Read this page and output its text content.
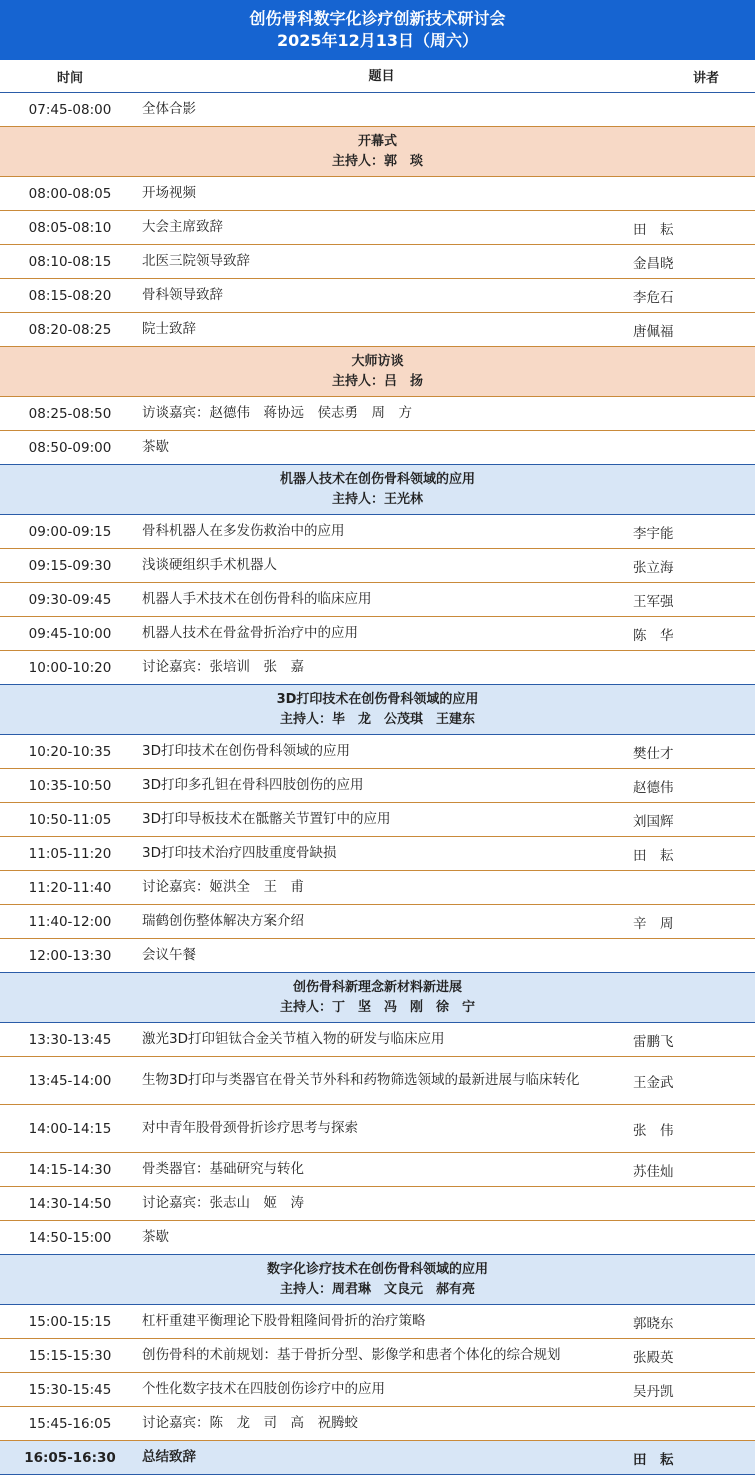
创伤骨科数字化诊疗创新技术研讨会
2025年12月13日（周六）
时间	题目	讲者
07:45-08:00	全体合影
开幕式
主持人：郭　琰
08:00-08:05	开场视频
08:05-08:10	大会主席致辞	田　耘
08:10-08:15	北医三院领导致辞	金昌晓
08:15-08:20	骨科领导致辞	李危石
08:20-08:25	院士致辞	唐佩福
大师访谈
主持人：吕　扬
08:25-08:50	访谈嘉宾：赵德伟　蒋协远　侯志勇　周　方
08:50-09:00	茶歇
机器人技术在创伤骨科领域的应用
主持人：王光林
09:00-09:15	骨科机器人在多发伤救治中的应用	李宇能
09:15-09:30	浅谈硬组织手术机器人	张立海
09:30-09:45	机器人手术技术在创伤骨科的临床应用	王军强
09:45-10:00	机器人技术在骨盆骨折治疗中的应用	陈　华
10:00-10:20	讨论嘉宾：张培训　张　嘉
3D打印技术在创伤骨科领域的应用
主持人：毕　龙　公茂琪　王建东
10:20-10:35	3D打印技术在创伤骨科领域的应用	樊仕才
10:35-10:50	3D打印多孔钽在骨科四肢创伤的应用	赵德伟
10:50-11:05	3D打印导板技术在骶髂关节置钉中的应用	刘国辉
11:05-11:20	3D打印技术治疗四肢重度骨缺损	田　耘
11:20-11:40	讨论嘉宾：姬洪全　王　甫
11:40-12:00	瑞鹤创伤整体解决方案介绍	辛　周
12:00-13:30	会议午餐
创伤骨科新理念新材料新进展
主持人：丁　坚　冯　刚　徐　宁
13:30-13:45	激光3D打印钽钛合金关节植入物的研发与临床应用	雷鹏飞
13:45-14:00	生物3D打印与类器官在骨关节外科和药物筛选领域的最新进展与临床转化	王金武
14:00-14:15	对中青年股骨颈骨折诊疗思考与探索	张　伟
14:15-14:30	骨类器官：基础研究与转化	苏佳灿
14:30-14:50	讨论嘉宾：张志山　姬　涛
14:50-15:00	茶歇
数字化诊疗技术在创伤骨科领域的应用
主持人：周君琳　文良元　郝有亮
15:00-15:15	杠杆重建平衡理论下股骨粗隆间骨折的治疗策略	郭晓东
15:15-15:30	创伤骨科的术前规划：基于骨折分型、影像学和患者个体化的综合规划	张殿英
15:30-15:45	个性化数字技术在四肢创伤诊疗中的应用	吴丹凯
15:45-16:05	讨论嘉宾：陈　龙　司　高　祝腾蛟
16:05-16:30	总结致辞	田　耘
